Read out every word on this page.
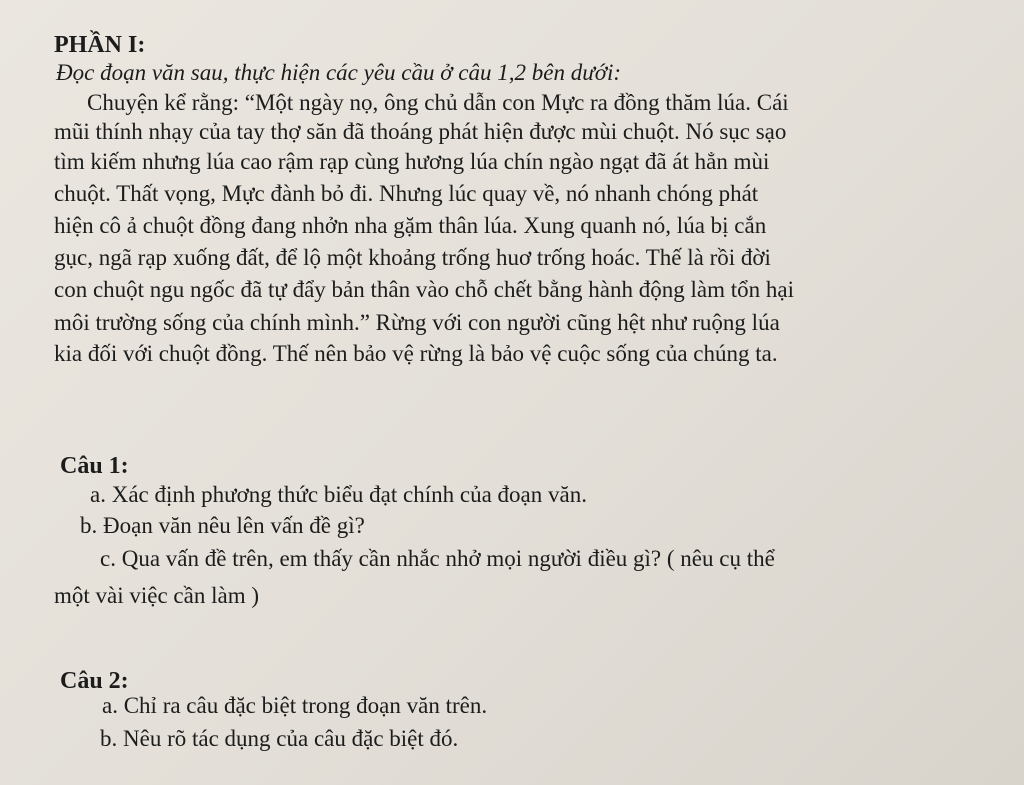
PHẦN I:
Đọc đoạn văn sau, thực hiện các yêu cầu ở câu 1,2 bên dưới:
Chuyện kể rằng: “Một ngày nọ, ông chủ dẫn con Mực ra đồng thăm lúa. Cái
mũi thính nhạy của tay thợ săn đã thoáng phát hiện được mùi chuột. Nó sục sạo
tìm kiếm nhưng lúa cao rậm rạp cùng hương lúa chín ngào ngạt đã át hẳn mùi
chuột. Thất vọng, Mực đành bỏ đi. Nhưng lúc quay về, nó nhanh chóng phát
hiện cô ả chuột đồng đang nhởn nha gặm thân lúa. Xung quanh nó, lúa bị cắn
gục, ngã rạp xuống đất, để lộ một khoảng trống huơ trống hoác. Thế là rồi đời
con chuột ngu ngốc đã tự đẩy bản thân vào chỗ chết bằng hành động làm tổn hại
môi trường sống của chính mình.” Rừng với con người cũng hệt như ruộng lúa
kia đối với chuột đồng. Thế nên bảo vệ rừng là bảo vệ cuộc sống của chúng ta.
Câu 1:
a. Xác định phương thức biểu đạt chính của đoạn văn.
b. Đoạn văn nêu lên vấn đề gì?
c. Qua vấn đề trên, em thấy cần nhắc nhở mọi người điều gì? ( nêu cụ thể
một vài việc cần làm )
Câu 2:
a. Chỉ ra câu đặc biệt trong đoạn văn trên.
b. Nêu rõ tác dụng của câu đặc biệt đó.
